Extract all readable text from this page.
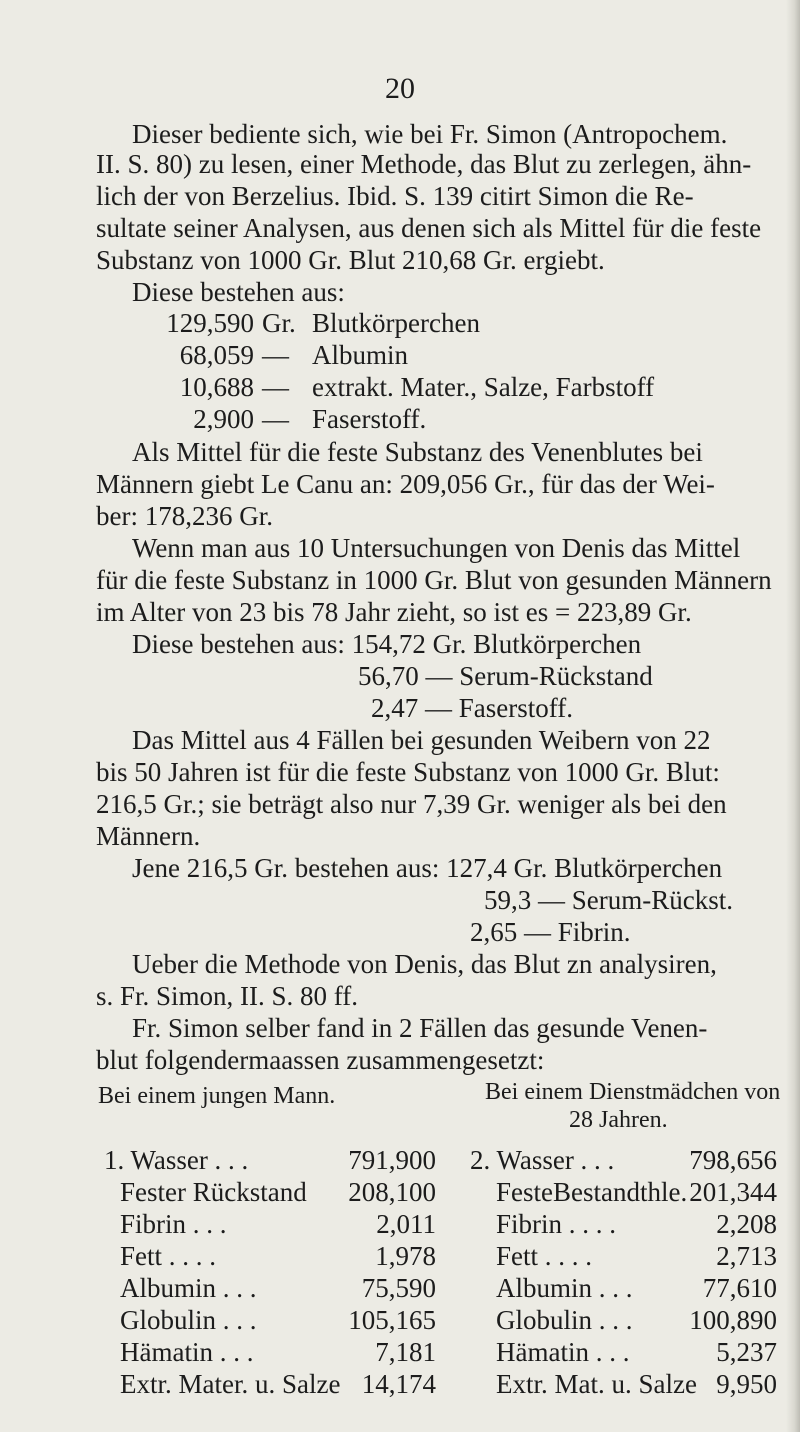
20
Dieser bediente sich, wie bei Fr. Simon (Antropochem.
II. S. 80) zu lesen, einer Methode, das Blut zu zerlegen, ähn-
lich der von Berzelius. Ibid. S. 139 citirt Simon die Re-
sultate seiner Analysen, aus denen sich als Mittel für die feste
Substanz von 1000 Gr. Blut 210,68 Gr. ergiebt.
Diese bestehen aus:
129,590 Gr. Blutkörperchen
68,059 — Albumin
10,688 — extrakt. Mater., Salze, Farbstoff
2,900 — Faserstoff.
Als Mittel für die feste Substanz des Venenblutes bei
Männern giebt Le Canu an: 209,056 Gr., für das der Wei-
ber: 178,236 Gr.
Wenn man aus 10 Untersuchungen von Denis das Mittel
für die feste Substanz in 1000 Gr. Blut von gesunden Männern
im Alter von 23 bis 78 Jahr zieht, so ist es = 223,89 Gr.
Diese bestehen aus: 154,72 Gr. Blutkörperchen
56,70 — Serum-Rückstand
2,47 — Faserstoff.
Das Mittel aus 4 Fällen bei gesunden Weibern von 22
bis 50 Jahren ist für die feste Substanz von 1000 Gr. Blut:
216,5 Gr.; sie beträgt also nur 7,39 Gr. weniger als bei den
Männern.
Jene 216,5 Gr. bestehen aus: 127,4 Gr. Blutkörperchen
59,3 — Serum-Rückst.
2,65 — Fibrin.
Ueber die Methode von Denis, das Blut zn analysiren,
s. Fr. Simon, II. S. 80 ff.
Fr. Simon selber fand in 2 Fällen das gesunde Venen-
blut folgendermaassen zusammengesetzt:
Bei einem jungen Mann.	Bei einem Dienstmädchen von
28 Jahren.
1. Wasser . . .	791,900
Fester Rückstand	208,100
Fibrin . . .	2,011
Fett . . . .	1,978
Albumin . . .	75,590
Globulin . . .	105,165
Hämatin . . .	7,181
Extr. Mater. u. Salze 14,174
2. Wasser . . .	798,656
FesteBestandthle. 201,344
Fibrin . . . .	2,208
Fett . . . .	2,713
Albumin . . .	77,610
Globulin . . .	100,890
Hämatin . . .	5,237
Extr. Mat. u. Salze 9,950
